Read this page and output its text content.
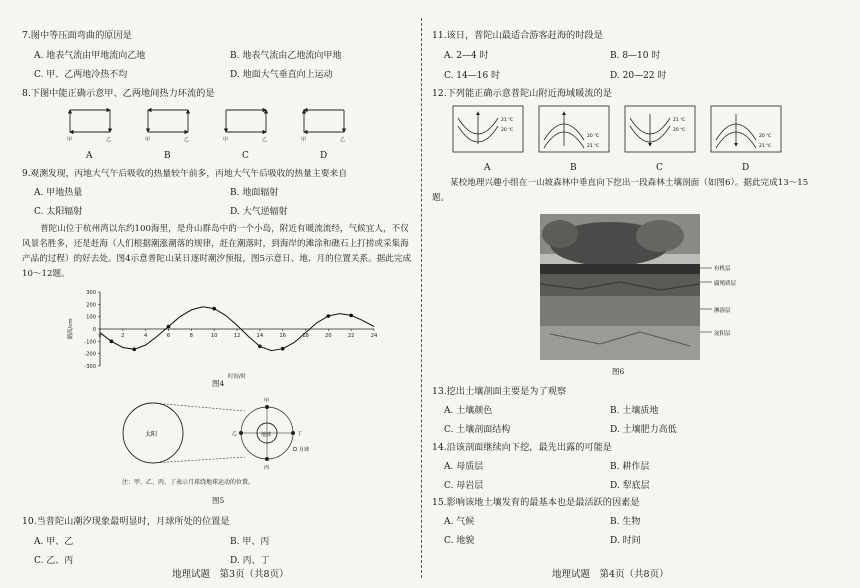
7.图中等压面弯曲的原因是
A. 地表气流由甲地流向乙地	B. 地表气流由乙地流向甲地
C. 甲、乙两地冷热不均	D. 地面大气垂直向上运动
8.下图中能正确示意甲、乙两地间热力环流的是
甲	乙	甲	乙	甲	乙	甲	乙
A	B	C	D
9.观测发现，丙地大气午后吸收的热量较午前多，丙地大气午后吸收的热量主要来自
A. 甲地热量	B. 地面辐射
C. 太阳辐射	D. 大气逆辐射
普陀山位于杭州湾以东约100海里，是舟山群岛中的一个小岛，附近有暖流流经，气候宜人，不仅风景名胜多，还是赶海（人们根据潮涨潮落的规律，赶在潮落时，到海岸的滩涂和礁石上打捞或采集海产品的过程）的好去处。图4示意普陀山某日逐时潮汐预报，图5示意日、地、月的位置关系。据此完成10～12题。
300
200
100
0
-100
-200
-300
0	2	4	6	8	10	12	14	16	18	20	22	24
潮高/cm
时间/时
图4
太阳	地球
甲
乙
丙
丁
月球
注：甲、乙、丙、丁表示月球绕地球运动的位置。
图5
10.当普陀山潮汐现象最明显时，月球所处的位置是
A. 甲、乙	B. 甲、丙
C. 乙、丙	D. 丙、丁
地理试题　第3页（共8页）
11.该日，普陀山最适合游客赶海的时段是
A. 2—4 时	B. 8—10 时
C. 14—16 时	D. 20—22 时
12.下列能正确示意普陀山附近海域暖流的是
21 ℃
20 ℃
20 ℃
21 ℃
21 ℃
20 ℃
20 ℃
21 ℃
A	B	C	D
某校地理兴趣小组在一山坡森林中垂直向下挖出一段森林土壤剖面（如图6）。据此完成13～15题。
有机层
腐殖质层
淋溶层
淀积层
图6
13.挖出土壤剖面主要是为了观察
A. 土壤颜色	B. 土壤质地
C. 土壤剖面结构	D. 土壤肥力高低
14.沿该剖面继续向下挖，最先出露的可能是
A. 母质层	B. 耕作层
C. 母岩层	D. 犁底层
15.影响该地土壤发育的最基本也是最活跃的因素是
A. 气候	B. 生物
C. 地貌	D. 时间
地理试题　第4页（共8页）
